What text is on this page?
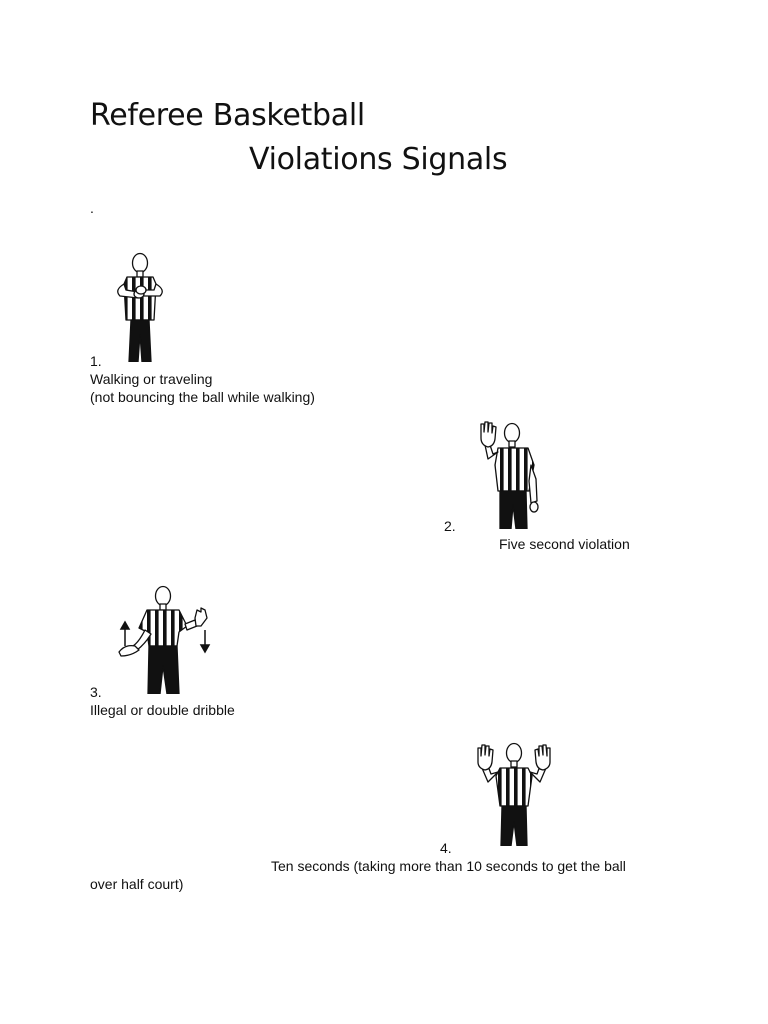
Referee Basketball
Violations Signals
.
1.
Walking or traveling
(not bouncing the ball while walking)
2.
Five second violation
3.
Illegal or double dribble
4.
Ten seconds (taking more than 10 seconds to get the ball
over half court)
